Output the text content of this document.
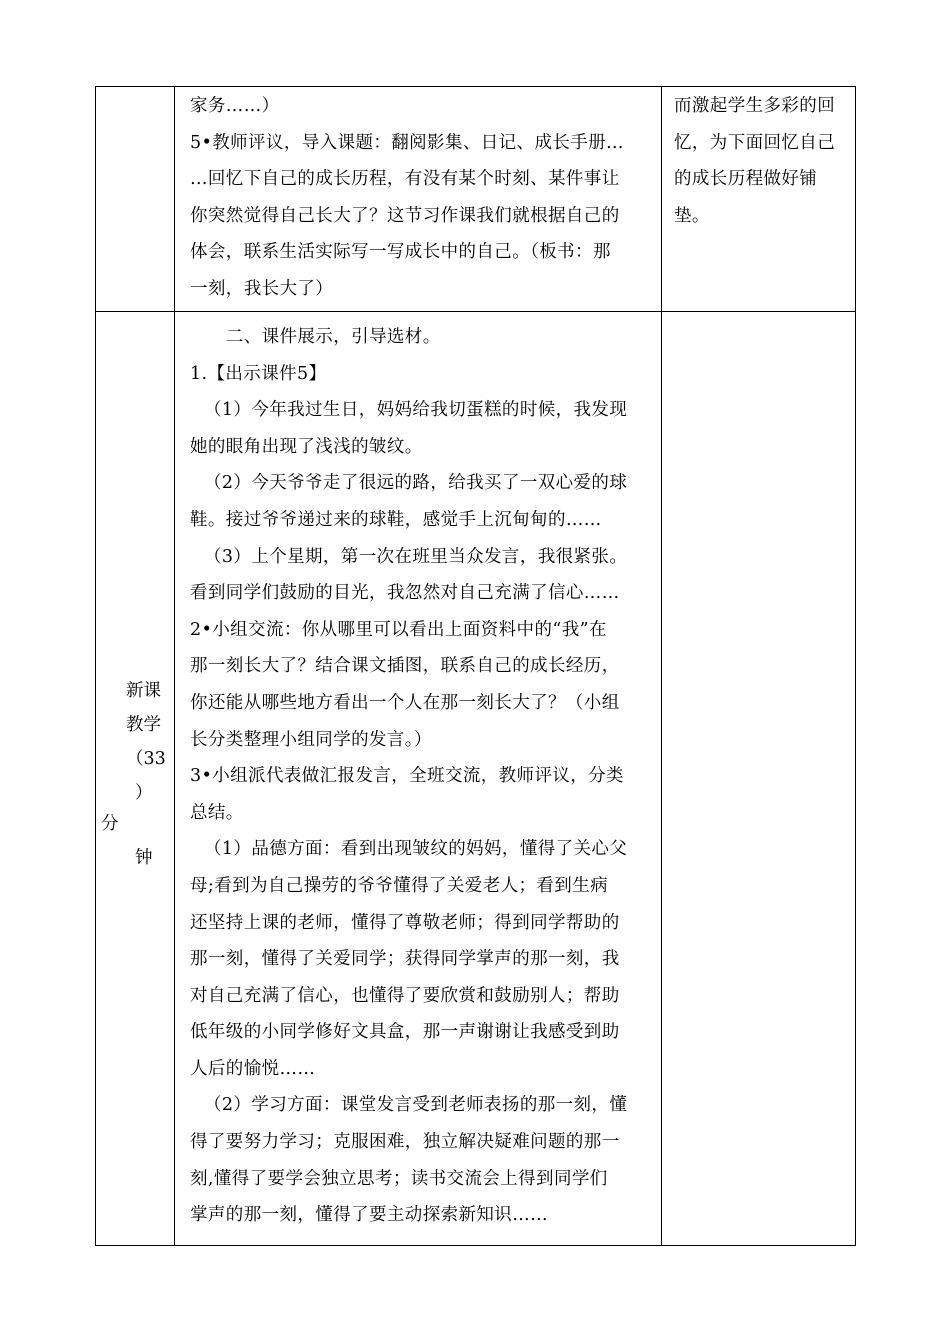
家务……）

5•教师评议，导入课题：翻阅影集、日记、成长手册…

…回忆下自己的成长历程，有没有某个时刻、某件事让

你突然觉得自己长大了？这节习作课我们就根据自己的

体会，联系生活实际写一写成长中的自己。（板书：那

一刻，我长大了）

而激起学生多彩的回

忆，为下面回忆自己

的成长历程做好铺

垫。

新课
教学
（33
）
分
钟

　　二、课件展示，引导选材。

1.【出示课件5】

（1）今年我过生日，妈妈给我切蛋糕的时候，我发现

她的眼角出现了浅浅的皱纹。

（2）今天爷爷走了很远的路，给我买了一双心爱的球

鞋。接过爷爷递过来的球鞋，感觉手上沉甸甸的……

（3）上个星期，第一次在班里当众发言，我很紧张。

看到同学们鼓励的目光，我忽然对自己充满了信心……

2•小组交流：你从哪里可以看出上面资料中的“我”在

那一刻长大了？结合课文插图，联系自己的成长经历，

你还能从哪些地方看出一个人在那一刻长大了？（小组

长分类整理小组同学的发言。）

3•小组派代表做汇报发言，全班交流，教师评议，分类

总结。

（1）品德方面：看到出现皱纹的妈妈，懂得了关心父

母;看到为自己操劳的爷爷懂得了关爱老人；看到生病

还坚持上课的老师，懂得了尊敬老师；得到同学帮助的

那一刻，懂得了关爱同学；获得同学掌声的那一刻，我

对自己充满了信心，也懂得了要欣赏和鼓励别人；帮助

低年级的小同学修好文具盒，那一声谢谢让我感受到助

人后的愉悦……

（2）学习方面：课堂发言受到老师表扬的那一刻，懂

得了要努力学习；克服困难，独立解决疑难问题的那一

刻,懂得了要学会独立思考；读书交流会上得到同学们

掌声的那一刻，懂得了要主动探索新知识……
